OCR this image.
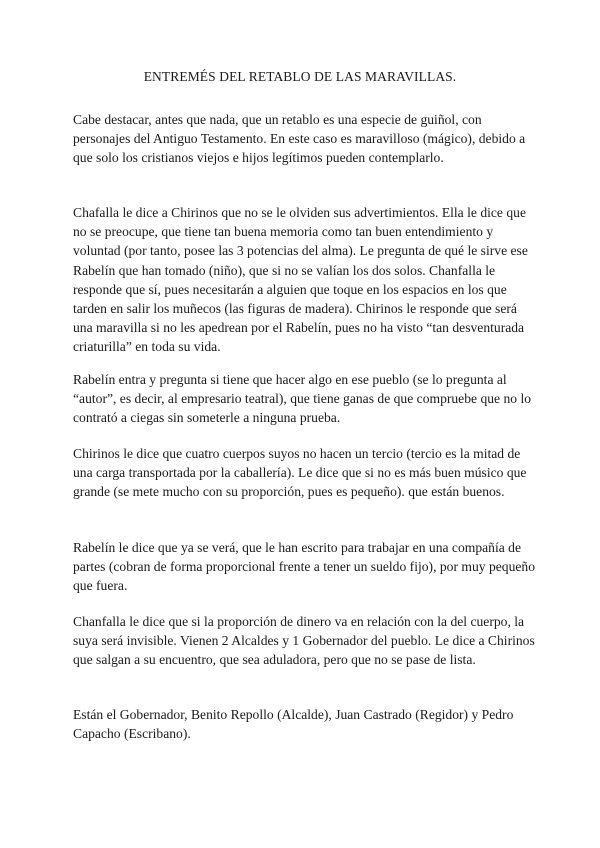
ENTREMÉS DEL RETABLO DE LAS MARAVILLAS.

Cabe destacar, antes que nada, que un retablo es una especie de guiñol, con personajes del Antiguo Testamento. En este caso es maravilloso (mágico), debido a que solo los cristianos viejos e hijos legítimos pueden contemplarlo.

Chafalla le dice a Chirinos que no se le olviden sus advertimientos. Ella le dice que no se preocupe, que tiene tan buena memoria como tan buen entendimiento y voluntad (por tanto, posee las 3 potencias del alma). Le pregunta de qué le sirve ese Rabelín que han tomado (niño), que si no se valían los dos solos. Chanfalla le responde que sí, pues necesitarán a alguien que toque en los espacios en los que tarden en salir los muñecos (las figuras de madera). Chirinos le responde que será una maravilla si no les apedrean por el Rabelín, pues no ha visto “tan desventurada criaturilla” en toda su vida.

Rabelín entra y pregunta si tiene que hacer algo en ese pueblo (se lo pregunta al “autor”, es decir, al empresario teatral), que tiene ganas de que compruebe que no lo contrató a ciegas sin someterle a ninguna prueba.

Chirinos le dice que cuatro cuerpos suyos no hacen un tercio (tercio es la mitad de una carga transportada por la caballería). Le dice que si no es más buen músico que grande (se mete mucho con su proporción, pues es pequeño). que están buenos.

Rabelín le dice que ya se verá, que le han escrito para trabajar en una compañía de partes (cobran de forma proporcional frente a tener un sueldo fijo), por muy pequeño que fuera.

Chanfalla le dice que si la proporción de dinero va en relación con la del cuerpo, la suya será invisible. Vienen 2 Alcaldes y 1 Gobernador del pueblo. Le dice a Chirinos que salgan a su encuentro, que sea aduladora, pero que no se pase de lista.

Están el Gobernador, Benito Repollo (Alcalde), Juan Castrado (Regidor) y Pedro Capacho (Escribano).
